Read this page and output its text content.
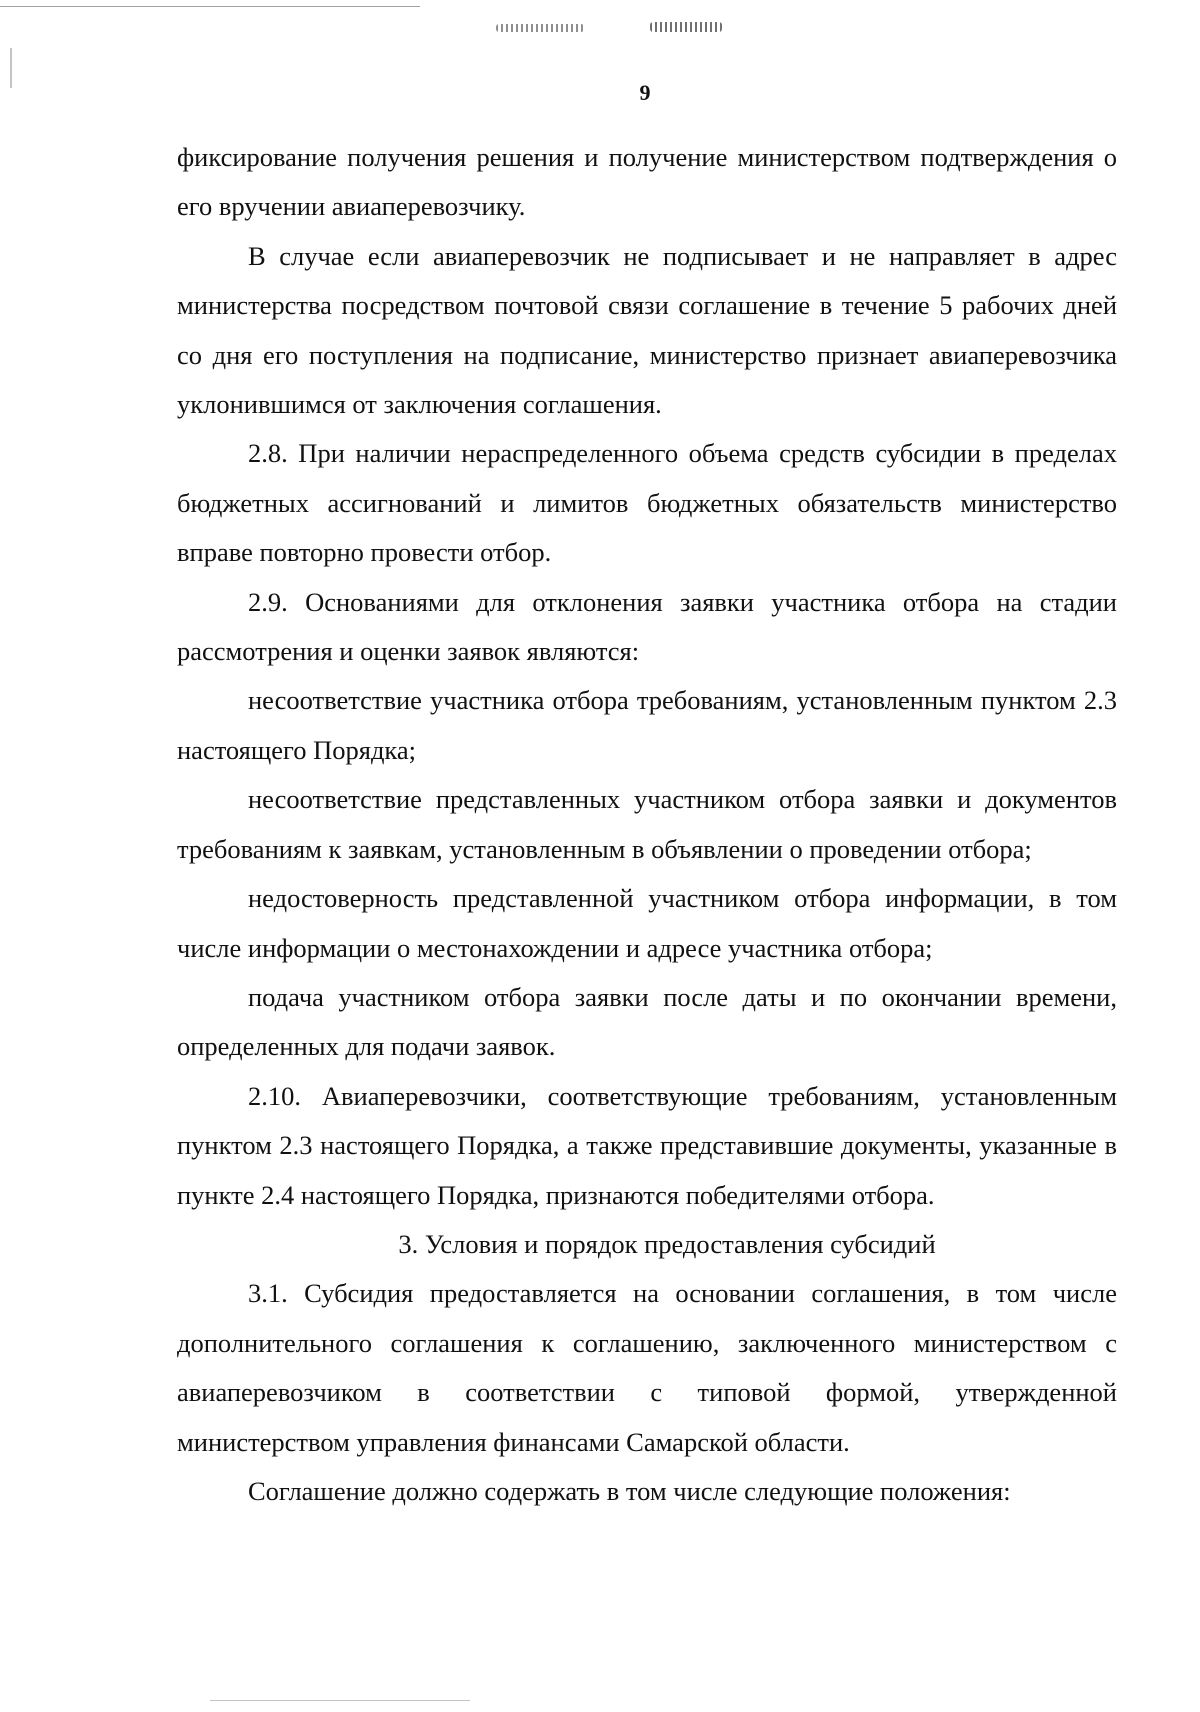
9

фиксирование получения решения и получение министерством подтверждения о его вручении авиаперевозчику.

В случае если авиаперевозчик не подписывает и не направляет в адрес министерства посредством почтовой связи соглашение в течение 5 рабочих дней со дня его поступления на подписание, министерство признает авиаперевозчика уклонившимся от заключения соглашения.

2.8. При наличии нераспределенного объема средств субсидии в пределах бюджетных ассигнований и лимитов бюджетных обязательств министерство вправе повторно провести отбор.

2.9. Основаниями для отклонения заявки участника отбора на стадии рассмотрения и оценки заявок являются:

несоответствие участника отбора требованиям, установленным пунктом 2.3 настоящего Порядка;

несоответствие представленных участником отбора заявки и документов требованиям к заявкам, установленным в объявлении о проведении отбора;

недостоверность представленной участником отбора информации, в том числе информации о местонахождении и адресе участника отбора;

подача участником отбора заявки после даты и по окончании времени, определенных для подачи заявок.

2.10. Авиаперевозчики, соответствующие требованиям, установленным пунктом 2.3 настоящего Порядка, а также представившие документы, указанные в пункте 2.4 настоящего Порядка, признаются победителями отбора.

3. Условия и порядок предоставления субсидий

3.1. Субсидия предоставляется на основании соглашения, в том числе дополнительного соглашения к соглашению, заключенного министерством с авиаперевозчиком в соответствии с типовой формой, утвержденной министерством управления финансами Самарской области.

Соглашение должно содержать в том числе следующие положения:
